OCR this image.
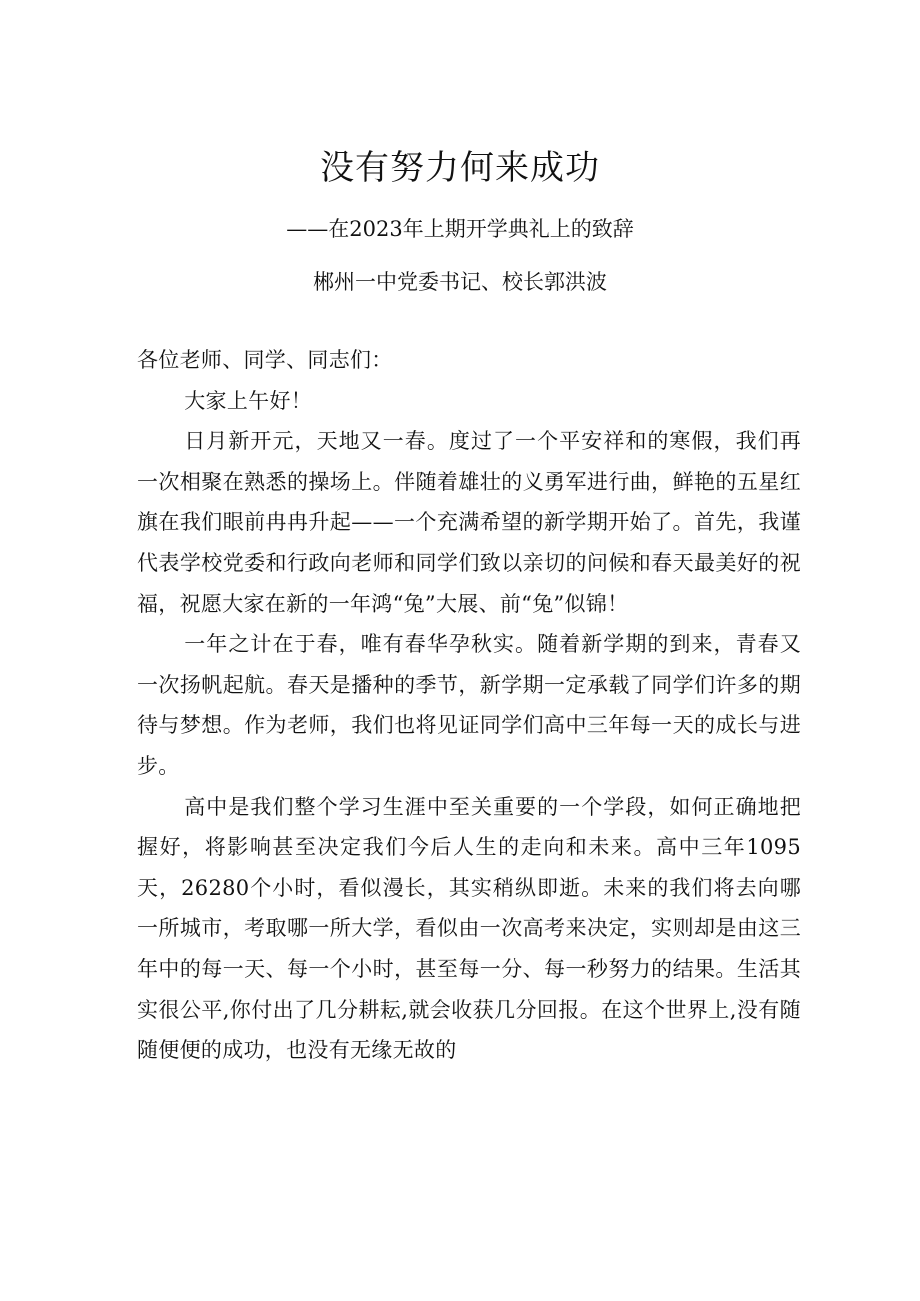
没有努力何来成功

——在2023年上期开学典礼上的致辞

郴州一中党委书记、校长郭洪波

各位老师、同学、同志们：

大家上午好！

日月新开元，天地又一春。度过了一个平安祥和的寒假，我们再一次相聚在熟悉的操场上。伴随着雄壮的义勇军进行曲，鲜艳的五星红旗在我们眼前冉冉升起——一个充满希望的新学期开始了。首先，我谨代表学校党委和行政向老师和同学们致以亲切的问候和春天最美好的祝福，祝愿大家在新的一年鸿“兔”大展、前“兔”似锦！

一年之计在于春，唯有春华孕秋实。随着新学期的到来，青春又一次扬帆起航。春天是播种的季节，新学期一定承载了同学们许多的期待与梦想。作为老师，我们也将见证同学们高中三年每一天的成长与进步。

高中是我们整个学习生涯中至关重要的一个学段，如何正确地把握好，将影响甚至决定我们今后人生的走向和未来。高中三年1095天，26280个小时，看似漫长，其实稍纵即逝。未来的我们将去向哪一所城市，考取哪一所大学，看似由一次高考来决定，实则却是由这三年中的每一天、每一个小时，甚至每一分、每一秒努力的结果。生活其实很公平,你付出了几分耕耘,就会收获几分回报。在这个世界上,没有随随便便的成功，也没有无缘无故的
